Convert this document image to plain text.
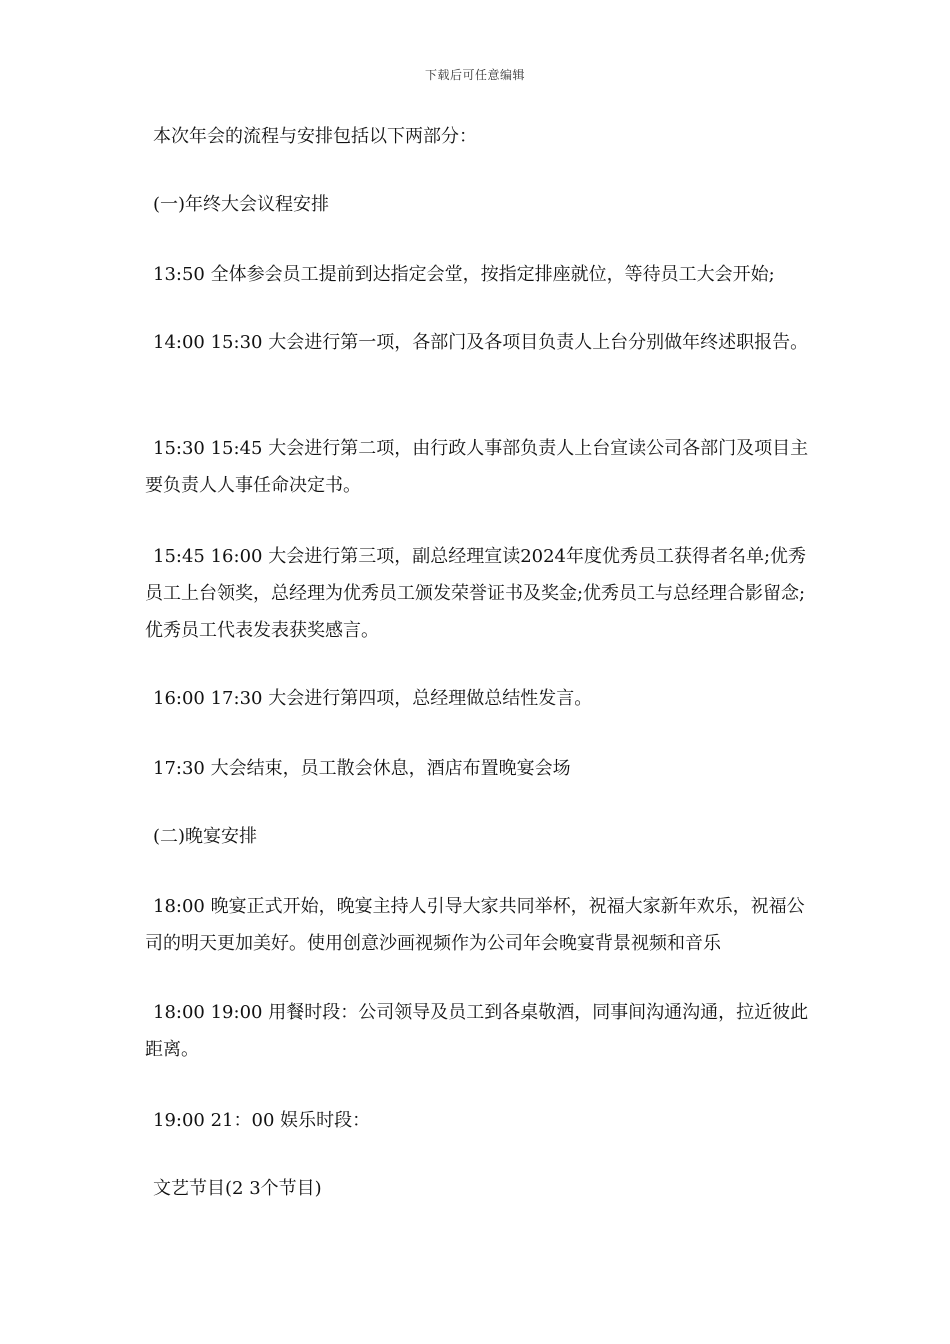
下载后可任意编辑
本次年会的流程与安排包括以下两部分：
(一)年终大会议程安排
13:50 全体参会员工提前到达指定会堂，按指定排座就位，等待员工大会开始;
14:00 15:30 大会进行第一项，各部门及各项目负责人上台分别做年终述职报告。
15:30 15:45 大会进行第二项，由行政人事部负责人上台宣读公司各部门及项目主要负责人人事任命决定书。
15:45 16:00 大会进行第三项，副总经理宣读2024年度优秀员工获得者名单;优秀员工上台领奖，总经理为优秀员工颁发荣誉证书及奖金;优秀员工与总经理合影留念;优秀员工代表发表获奖感言。
16:00 17:30 大会进行第四项，总经理做总结性发言。
17:30 大会结束，员工散会休息，酒店布置晚宴会场
(二)晚宴安排
18:00 晚宴正式开始，晚宴主持人引导大家共同举杯，祝福大家新年欢乐，祝福公司的明天更加美好。使用创意沙画视频作为公司年会晚宴背景视频和音乐
18:00 19:00 用餐时段：公司领导及员工到各桌敬酒，同事间沟通沟通，拉近彼此距离。
19:00 21：00 娱乐时段：
文艺节目(2 3个节目)
